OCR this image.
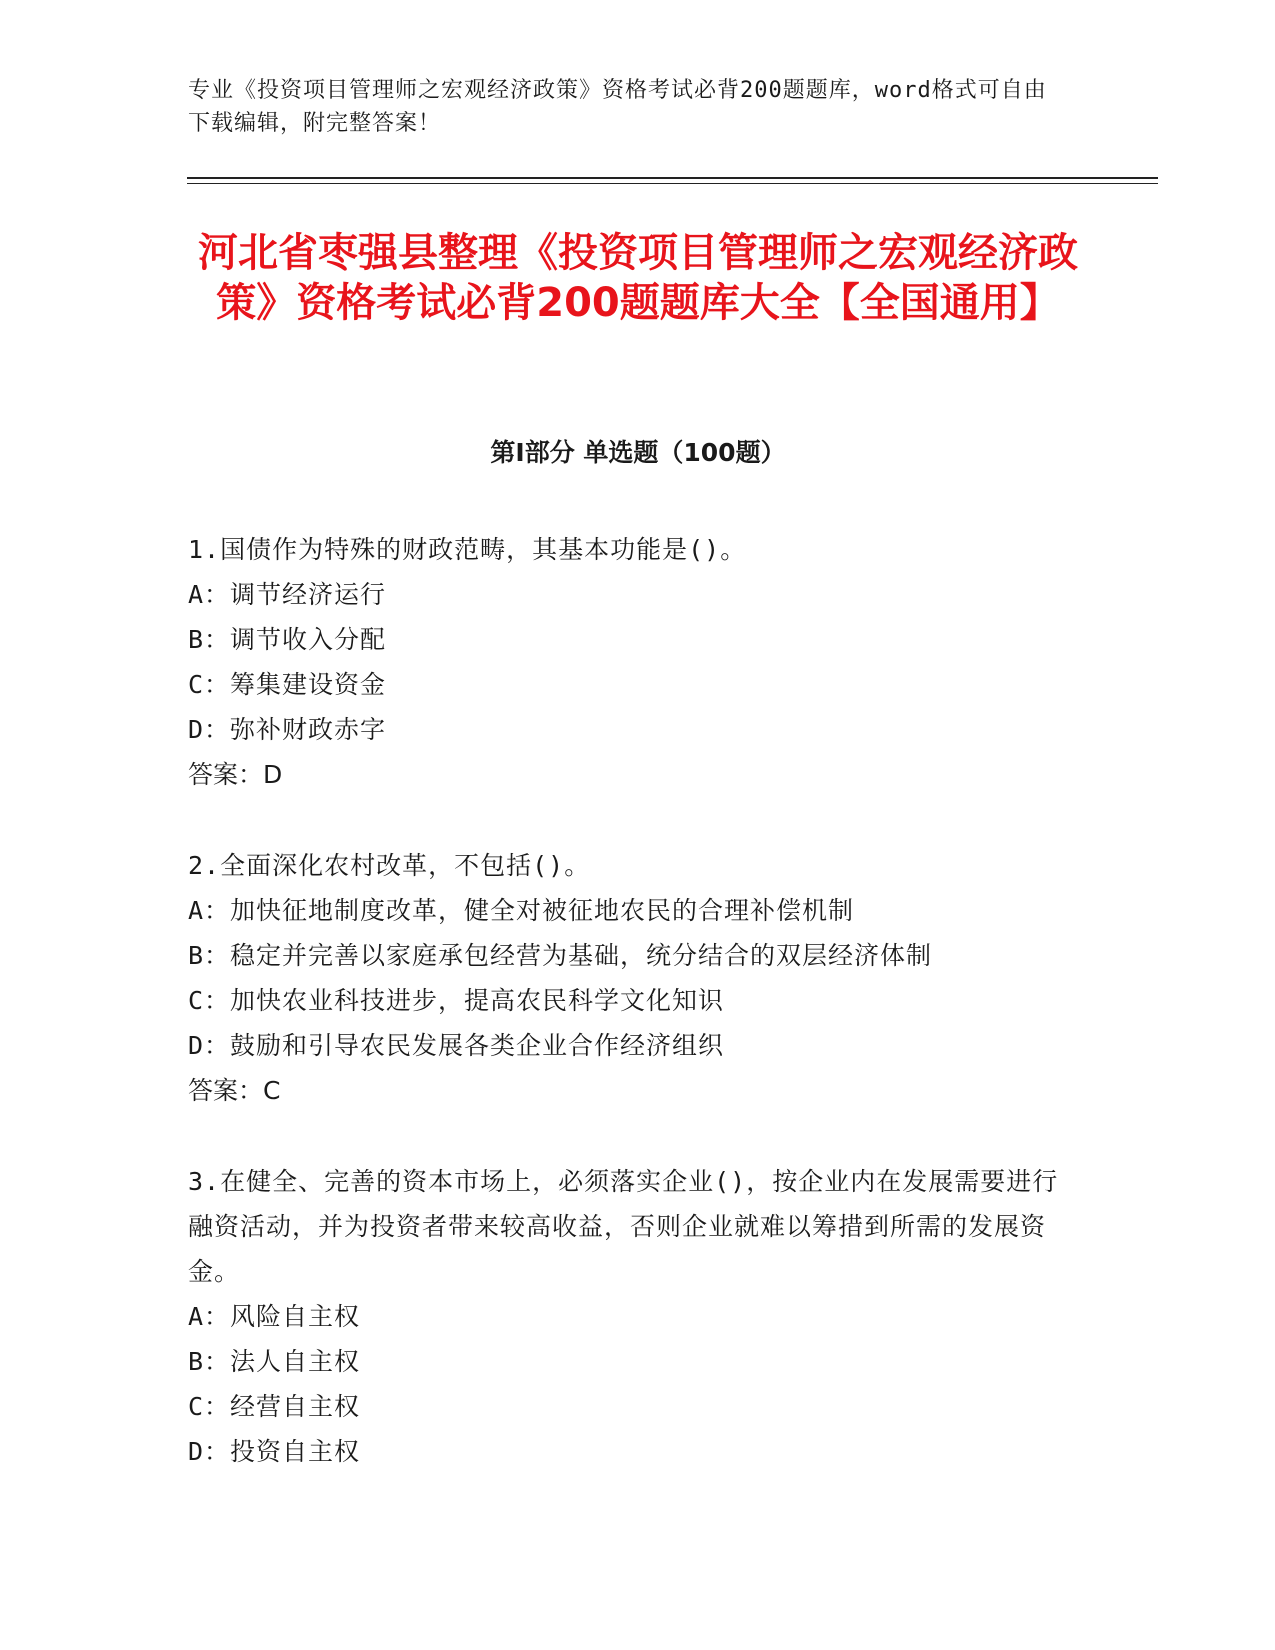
专业《投资项目管理师之宏观经济政策》资格考试必背200题题库，word格式可自由下载编辑，附完整答案！
河北省枣强县整理《投资项目管理师之宏观经济政策》资格考试必背200题题库大全【全国通用】
第Ⅰ部分 单选题（100题）
1.国债作为特殊的财政范畴，其基本功能是()。
A：调节经济运行
B：调节收入分配
C：筹集建设资金
D：弥补财政赤字
答案：D
2.全面深化农村改革，不包括()。
A：加快征地制度改革，健全对被征地农民的合理补偿机制
B：稳定并完善以家庭承包经营为基础，统分结合的双层经济体制
C：加快农业科技进步，提高农民科学文化知识
D：鼓励和引导农民发展各类企业合作经济组织
答案：C
3.在健全、完善的资本市场上，必须落实企业()，按企业内在发展需要进行融资活动，并为投资者带来较高收益，否则企业就难以筹措到所需的发展资金。
A：风险自主权
B：法人自主权
C：经营自主权
D：投资自主权
